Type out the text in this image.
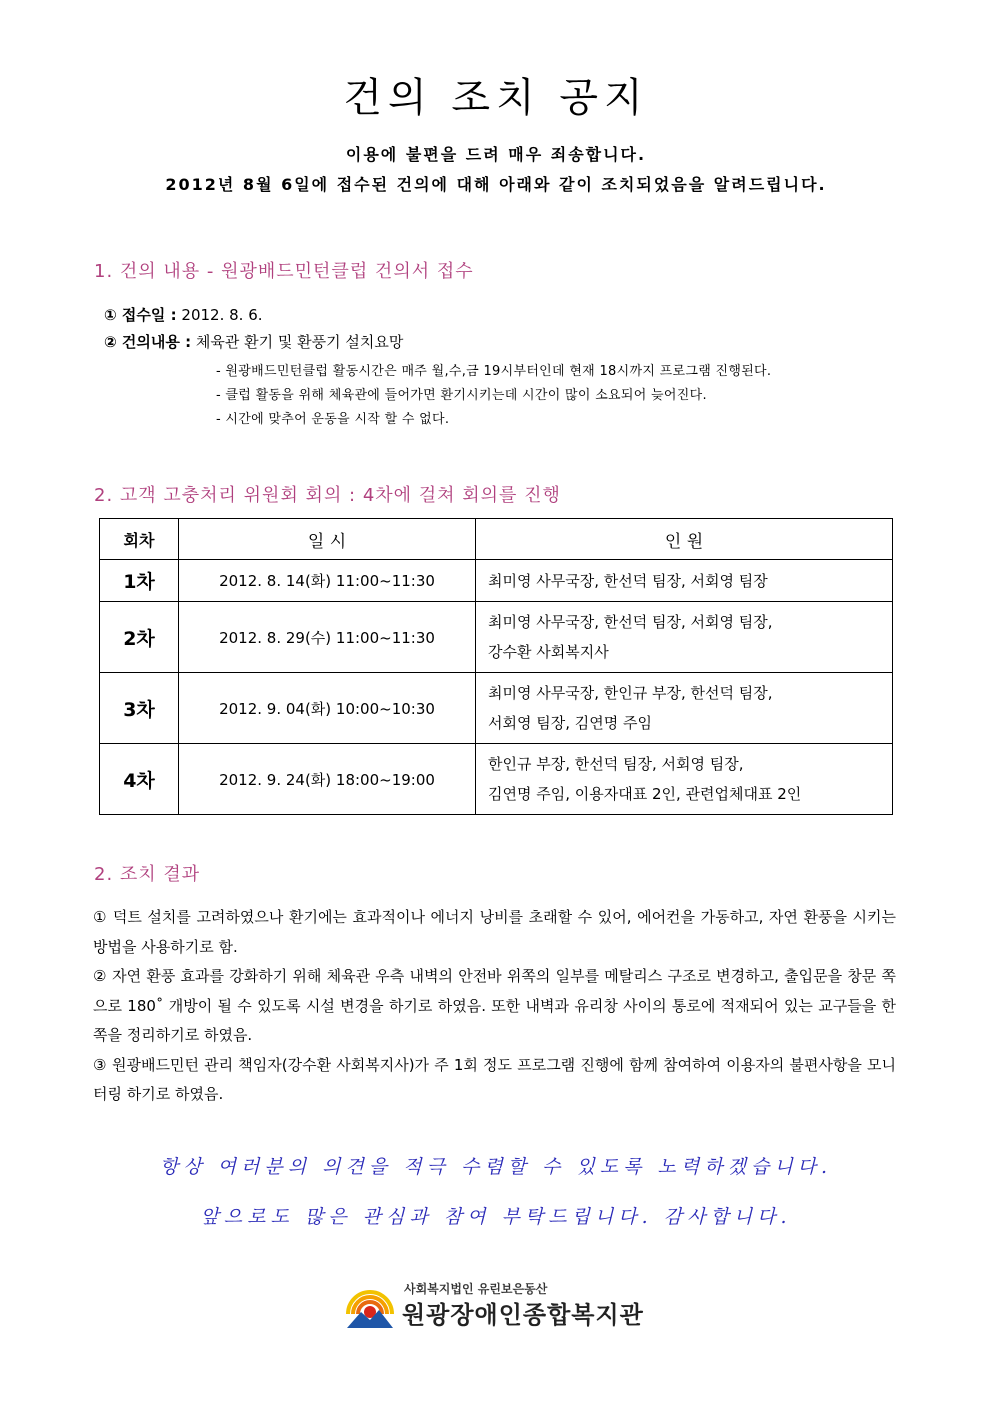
건의 조치 공지
이용에 불편을 드려 매우 죄송합니다.
2012년 8월 6일에 접수된 건의에 대해 아래와 같이 조치되었음을 알려드립니다.
1. 건의 내용 - 원광배드민턴클럽 건의서 접수
① 접수일 : 2012. 8. 6.
② 건의내용 : 체육관 환기 및 환풍기 설치요망
- 원광배드민턴클럽 활동시간은 매주 월,수,금 19시부터인데 현재 18시까지 프로그램 진행된다.
- 클럽 활동을 위해 체육관에 들어가면 환기시키는데 시간이 많이 소요되어 늦어진다.
- 시간에 맞추어 운동을 시작 할 수 없다.
2. 고객 고충처리 위원회 회의 : 4차에 걸쳐 회의를 진행
회차	일 시	인 원
1차	2012. 8. 14(화) 11:00~11:30	최미영 사무국장, 한선덕 팀장, 서회영 팀장

2차	2012. 8. 29(수) 11:00~11:30	최미영 사무국장, 한선덕 팀장, 서회영 팀장,
강수환 사회복지사

3차	2012. 9. 04(화) 10:00~10:30	최미영 사무국장, 한인규 부장, 한선덕 팀장,
서회영 팀장, 김연명 주임

4차	2012. 9. 24(화) 18:00~19:00	한인규 부장, 한선덕 팀장, 서회영 팀장,
김연명 주임, 이용자대표 2인, 관련업체대표 2인
2. 조치 결과

① 덕트 설치를 고려하였으나 환기에는 효과적이나 에너지 낭비를 초래할 수 있어, 에어컨을 가동하고, 자연 환풍을 시키는 방법을 사용하기로 함.

② 자연 환풍 효과를 강화하기 위해 체육관 우측 내벽의 안전바 위쪽의 일부를 메탈리스 구조로 변경하고, 출입문을 창문 쪽으로 180˚ 개방이 될 수 있도록 시설 변경을 하기로 하였음. 또한 내벽과 유리창 사이의 통로에 적재되어 있는 교구들을 한쪽을 정리하기로 하였음.

③ 원광배드민턴 관리 책임자(강수환 사회복지사)가 주 1회 정도 프로그램 진행에 함께 참여하여 이용자의 불편사항을 모니터링 하기로 하였음.

항상 여러분의 의견을 적극 수렴할 수 있도록 노력하겠습니다.
앞으로도 많은 관심과 참여 부탁드립니다. 감사합니다.
사회복지법인 유린보은동산
원광장애인종합복지관
